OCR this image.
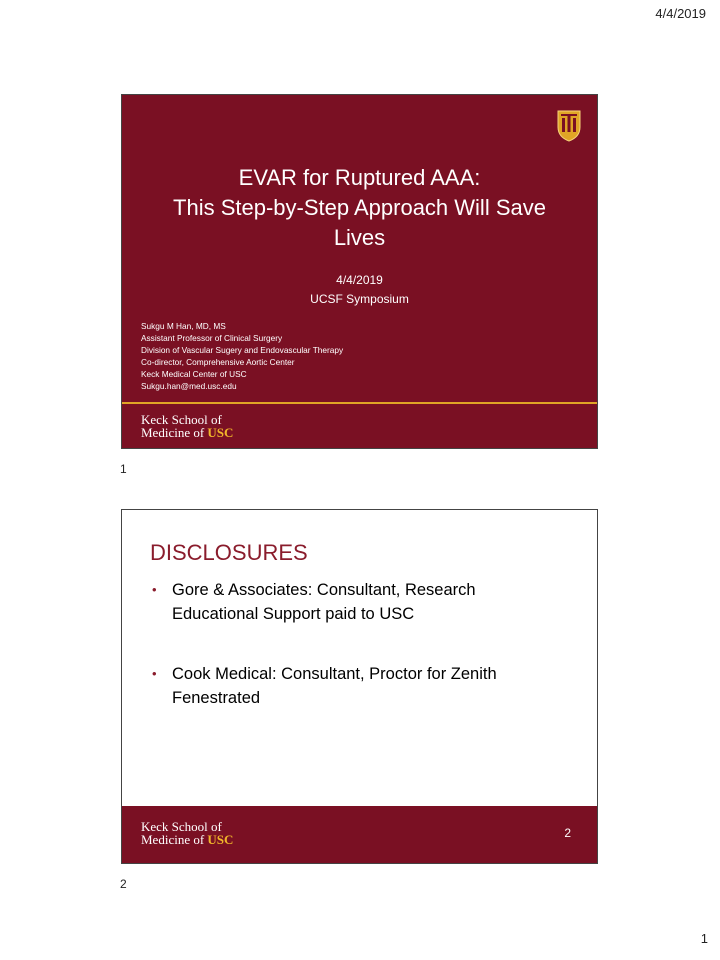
4/4/2019
EVAR for Ruptured AAA:
This Step-by-Step Approach Will Save
Lives
4/4/2019
UCSF Symposium
Sukgu M Han, MD, MS
Assistant Professor of Clinical Surgery
Division of Vascular Sugery and Endovascular Therapy
Co-director, Comprehensive Aortic Center
Keck Medical Center of USC
Sukgu.han@med.usc.edu
Keck School of
Medicine of USC
1
DISCLOSURES
• Gore & Associates: Consultant, Research
Educational Support paid to USC
• Cook Medical: Consultant, Proctor for Zenith
Fenestrated
Keck School of
Medicine of USC	2
2
1
